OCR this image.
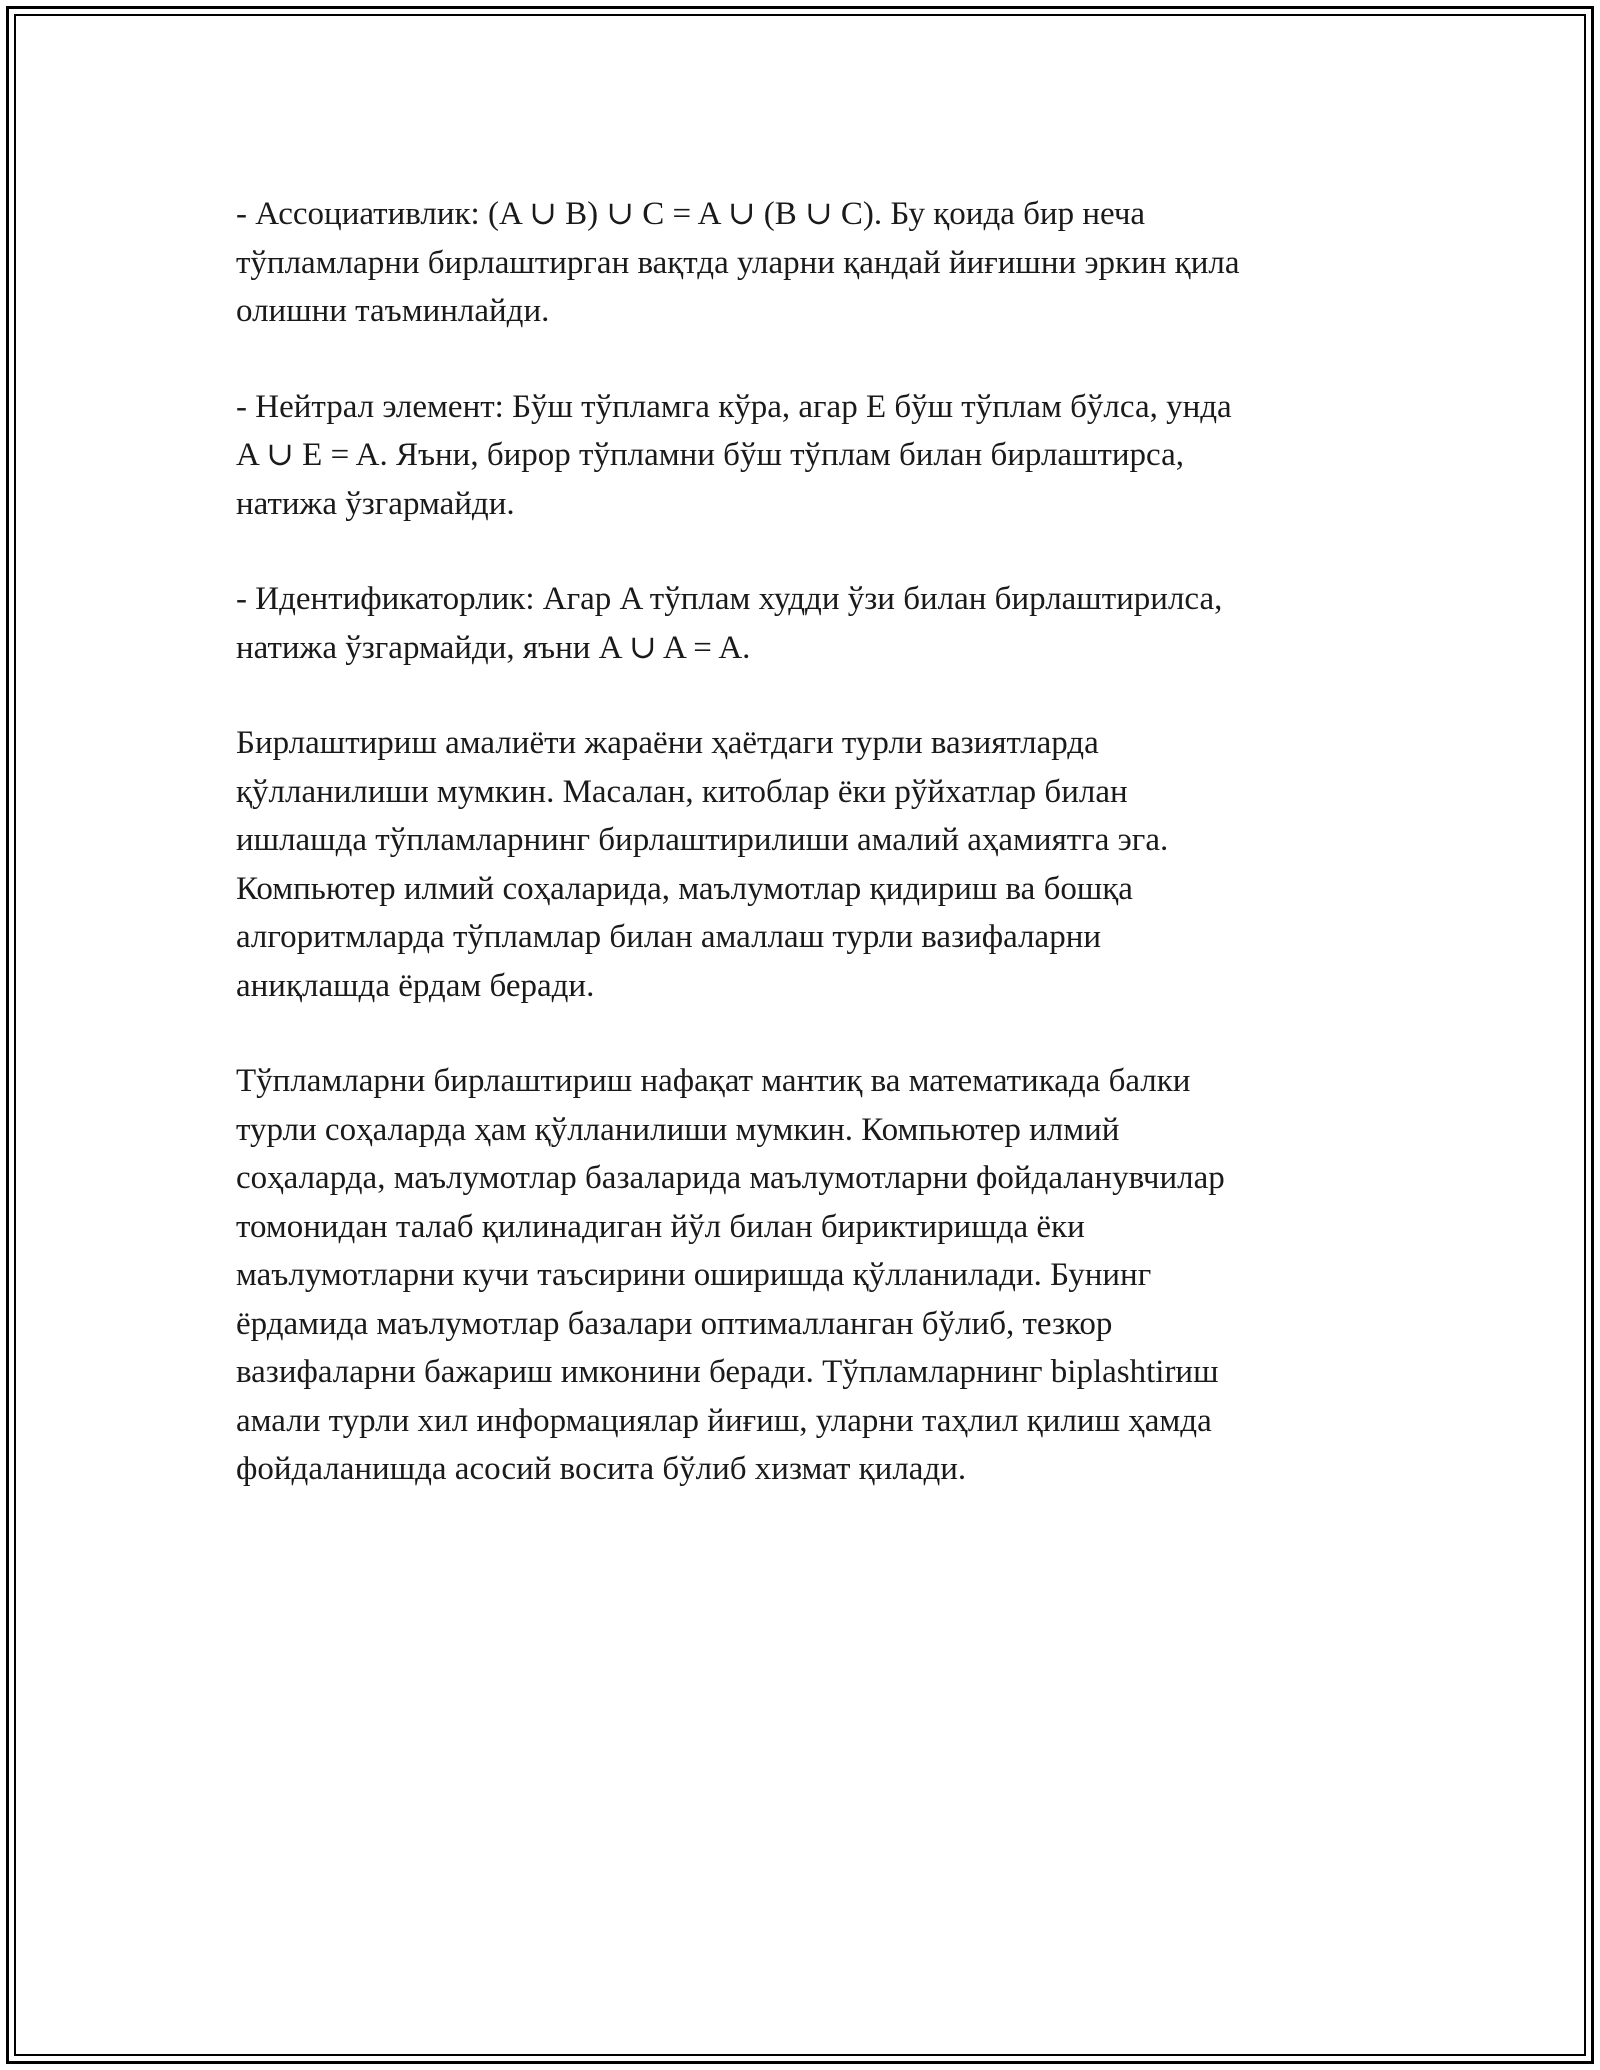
- Ассоциативлик: (A ∪ B) ∪ C = A ∪ (B ∪ C). Бу қоида бир неча
тўпламларни бирлаштирган вақтда уларни қандай йиғишни эркин қила
олишни таъминлайди.

- Нейтрал элемент: Бўш тўпламга кўра, агар E бўш тўплам бўлса, унда
A ∪ E = A. Яъни, бирор тўпламни бўш тўплам билан бирлаштирса,
натижа ўзгармайди.

- Идентификаторлик: Агар A тўплам худди ўзи билан бирлаштирилса,
натижа ўзгармайди, яъни A ∪ A = A.

Бирлаштириш амалиёти жараёни ҳаётдаги турли вазиятларда
қўлланилиши мумкин. Масалан, китоблар ёки рўйхатлар билан
ишлашда тўпламларнинг бирлаштирилиши амалий аҳамиятга эга.
Компьютер илмий соҳаларида, маълумотлар қидириш ва бошқа
алгоритмларда тўпламлар билан амаллаш турли вазифаларни
аниқлашда ёрдам беради.

Тўпламларни бирлаштириш нафақат мантиқ ва математикада балки
турли соҳаларда ҳам қўлланилиши мумкин. Компьютер илмий
соҳаларда, маълумотлар базаларида маълумотларни фойдаланувчилар
томонидан талаб қилинадиган йўл билан бириктиришда ёки
маълумотларни кучи таъсирини оширишда қўлланилади. Бунинг
ёрдамида маълумотлар базалари оптималланган бўлиб, тезкор
вазифаларни бажариш имконини беради. Тўпламларнинг biрlashtirиш
амали турли хил информациялар йиғиш, уларни таҳлил қилиш ҳамда
фойдаланишда асосий восита бўлиб хизмат қилади.
